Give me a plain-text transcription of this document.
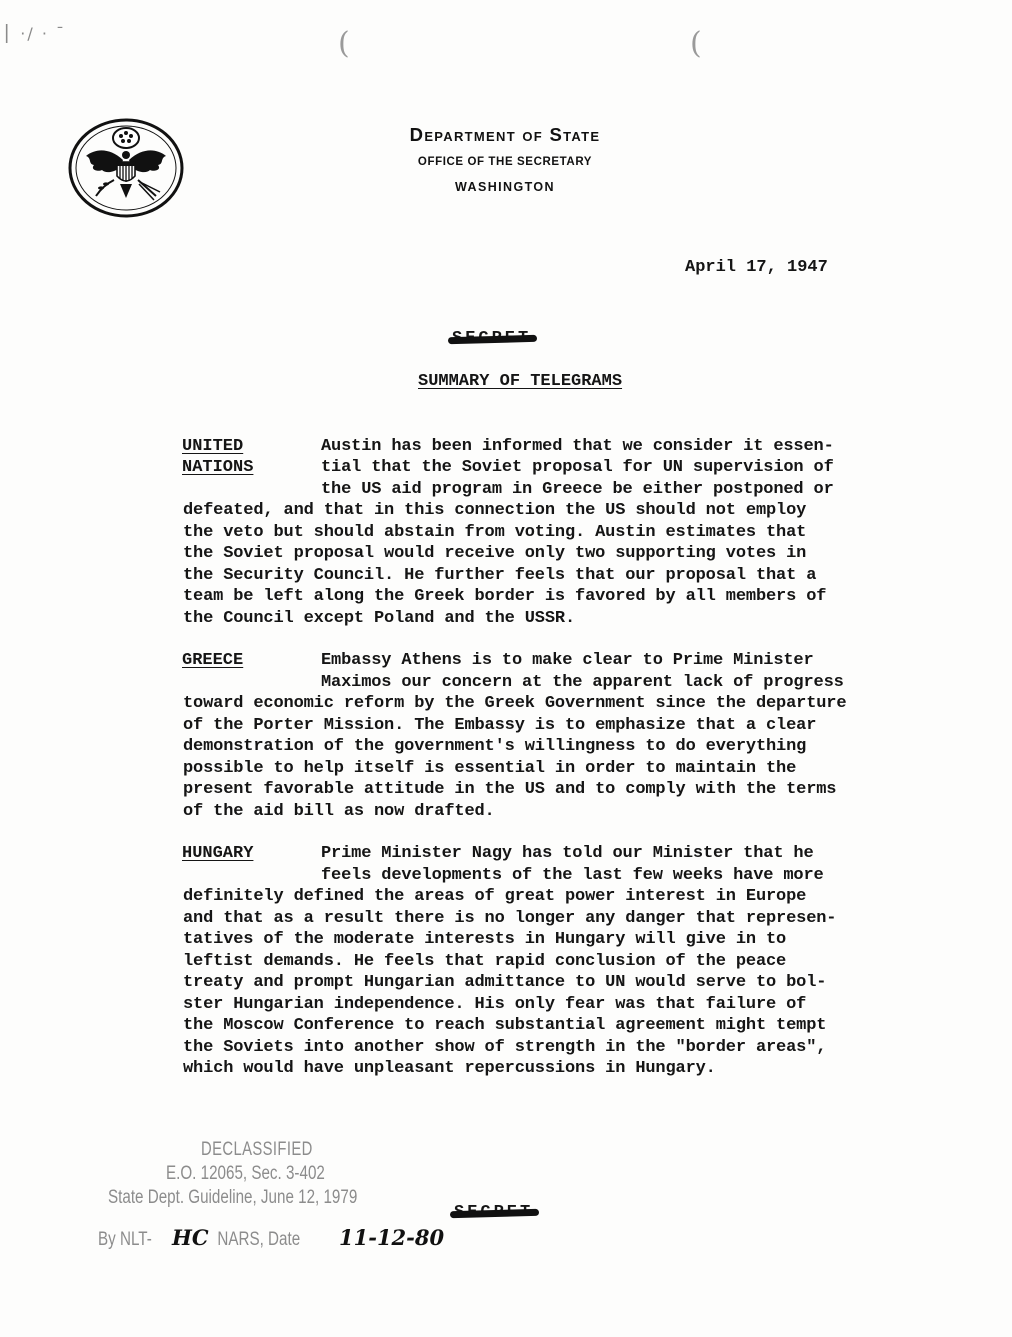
▏·/ · ˉ	(	(
Department of State
OFFICE OF THE SECRETARY
WASHINGTON
April 17, 1947
SUMMARY OF TELEGRAMS
UNITED
NATIONS
Austin has been informed that we consider it essen-
tial that the Soviet proposal for UN supervision of
the US aid program in Greece be either postponed or
defeated, and that in this connection the US should not employ
the veto but should abstain from voting. Austin estimates that
the Soviet proposal would receive only two supporting votes in
the Security Council. He further feels that our proposal that a
team be left along the Greek border is favored by all members of
the Council except Poland and the USSR.
GREECE	Embassy Athens is to make clear to Prime Minister
Maximos our concern at the apparent lack of progress
toward economic reform by the Greek Government since the departure
of the Porter Mission. The Embassy is to emphasize that a clear
demonstration of the government's willingness to do everything
possible to help itself is essential in order to maintain the
present favorable attitude in the US and to comply with the terms
of the aid bill as now drafted.
HUNGARY	Prime Minister Nagy has told our Minister that he
feels developments of the last few weeks have more
definitely defined the areas of great power interest in Europe
and that as a result there is no longer any danger that represen-
tatives of the moderate interests in Hungary will give in to
leftist demands. He feels that rapid conclusion of the peace
treaty and prompt Hungarian admittance to UN would serve to bol-
ster Hungarian independence. His only fear was that failure of
the Moscow Conference to reach substantial agreement might tempt
the Soviets into another show of strength in the "border areas",
which would have unpleasant repercussions in Hungary.
DECLASSIFIED
E.O. 12065, Sec. 3-402
State Dept. Guideline, June 12, 1979
By NLT-	NARS, Date
HC	11-12-80
